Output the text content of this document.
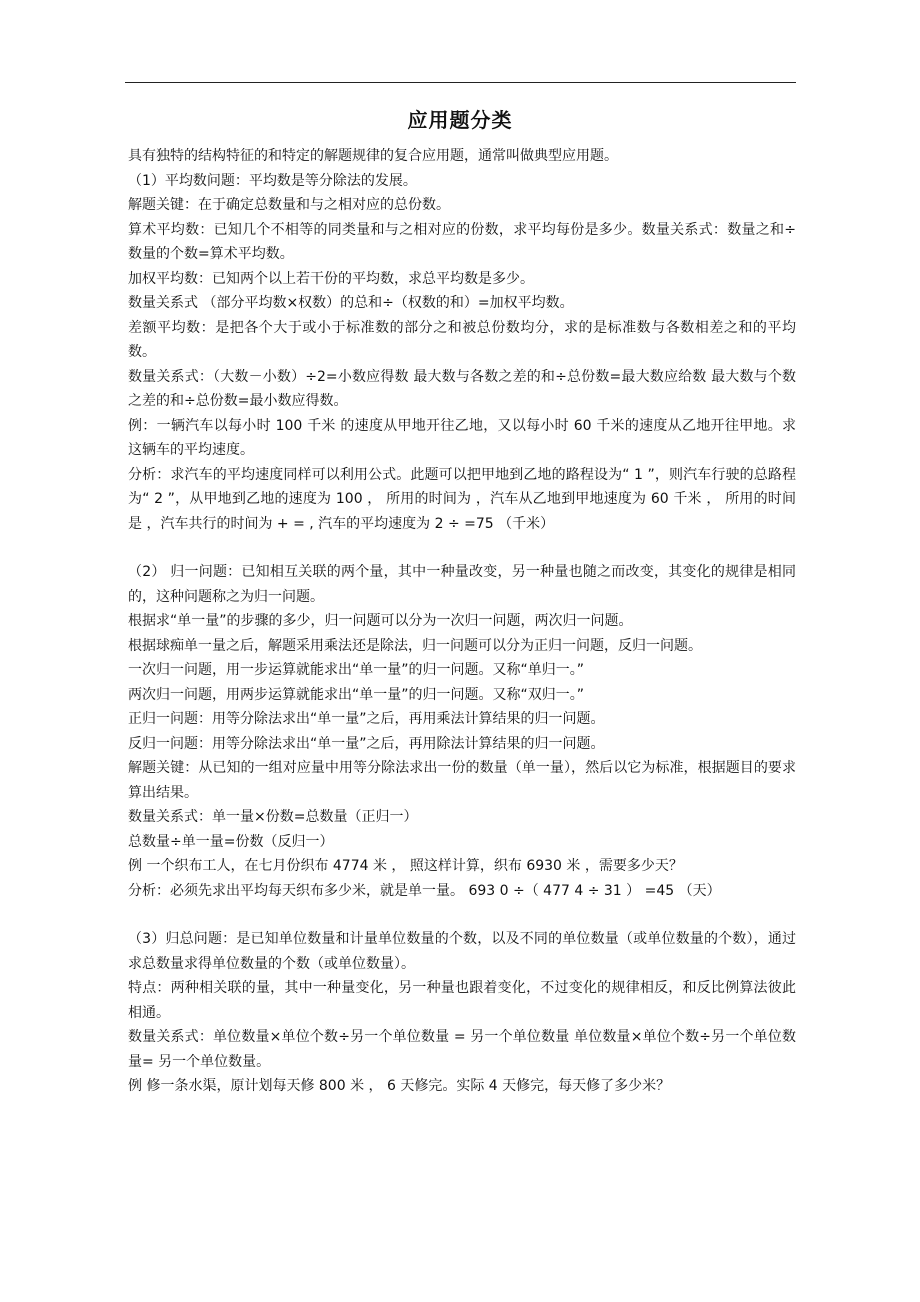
应用题分类

具有独特的结构特征的和特定的解题规律的复合应用题，通常叫做典型应用题。

（1）平均数问题：平均数是等分除法的发展。

解题关键：在于确定总数量和与之相对应的总份数。

算术平均数：已知几个不相等的同类量和与之相对应的份数，求平均每份是多少。数量关系式：数量之和÷数量的个数=算术平均数。

加权平均数：已知两个以上若干份的平均数，求总平均数是多少。

数量关系式 （部分平均数×权数）的总和÷（权数的和）=加权平均数。

差额平均数：是把各个大于或小于标准数的部分之和被总份数均分，求的是标准数与各数相差之和的平均数。

数量关系式：（大数－小数）÷2=小数应得数 最大数与各数之差的和÷总份数=最大数应给数 最大数与个数之差的和÷总份数=最小数应得数。

例：一辆汽车以每小时 100 千米 的速度从甲地开往乙地，又以每小时 60 千米的速度从乙地开往甲地。求这辆车的平均速度。

分析：求汽车的平均速度同样可以利用公式。此题可以把甲地到乙地的路程设为“ 1 ”，则汽车行驶的总路程为“ 2 ”，从甲地到乙地的速度为 100 ， 所用的时间为 ，汽车从乙地到甲地速度为 60 千米 ， 所用的时间是 ，汽车共行的时间为 + = , 汽车的平均速度为 2 ÷ =75 （千米）

（2） 归一问题：已知相互关联的两个量，其中一种量改变，另一种量也随之而改变，其变化的规律是相同的，这种问题称之为归一问题。

根据求“单一量”的步骤的多少，归一问题可以分为一次归一问题，两次归一问题。

根据球痴单一量之后，解题采用乘法还是除法，归一问题可以分为正归一问题，反归一问题。

一次归一问题，用一步运算就能求出“单一量”的归一问题。又称“单归一。”

两次归一问题，用两步运算就能求出“单一量”的归一问题。又称“双归一。”

正归一问题：用等分除法求出“单一量”之后，再用乘法计算结果的归一问题。

反归一问题：用等分除法求出“单一量”之后，再用除法计算结果的归一问题。

解题关键：从已知的一组对应量中用等分除法求出一份的数量（单一量），然后以它为标准，根据题目的要求算出结果。

数量关系式：单一量×份数=总数量（正归一）

总数量÷单一量=份数（反归一）

例 一个织布工人，在七月份织布 4774 米 ， 照这样计算，织布 6930 米 ，需要多少天？

分析：必须先求出平均每天织布多少米，就是单一量。 693 0 ÷（ 477 4 ÷ 31 ） =45 （天）

（3）归总问题：是已知单位数量和计量单位数量的个数，以及不同的单位数量（或单位数量的个数），通过求总数量求得单位数量的个数（或单位数量）。

特点：两种相关联的量，其中一种量变化，另一种量也跟着变化，不过变化的规律相反，和反比例算法彼此相通。

数量关系式：单位数量×单位个数÷另一个单位数量 = 另一个单位数量 单位数量×单位个数÷另一个单位数量= 另一个单位数量。

例 修一条水渠，原计划每天修 800 米 ， 6 天修完。实际 4 天修完，每天修了多少米？
